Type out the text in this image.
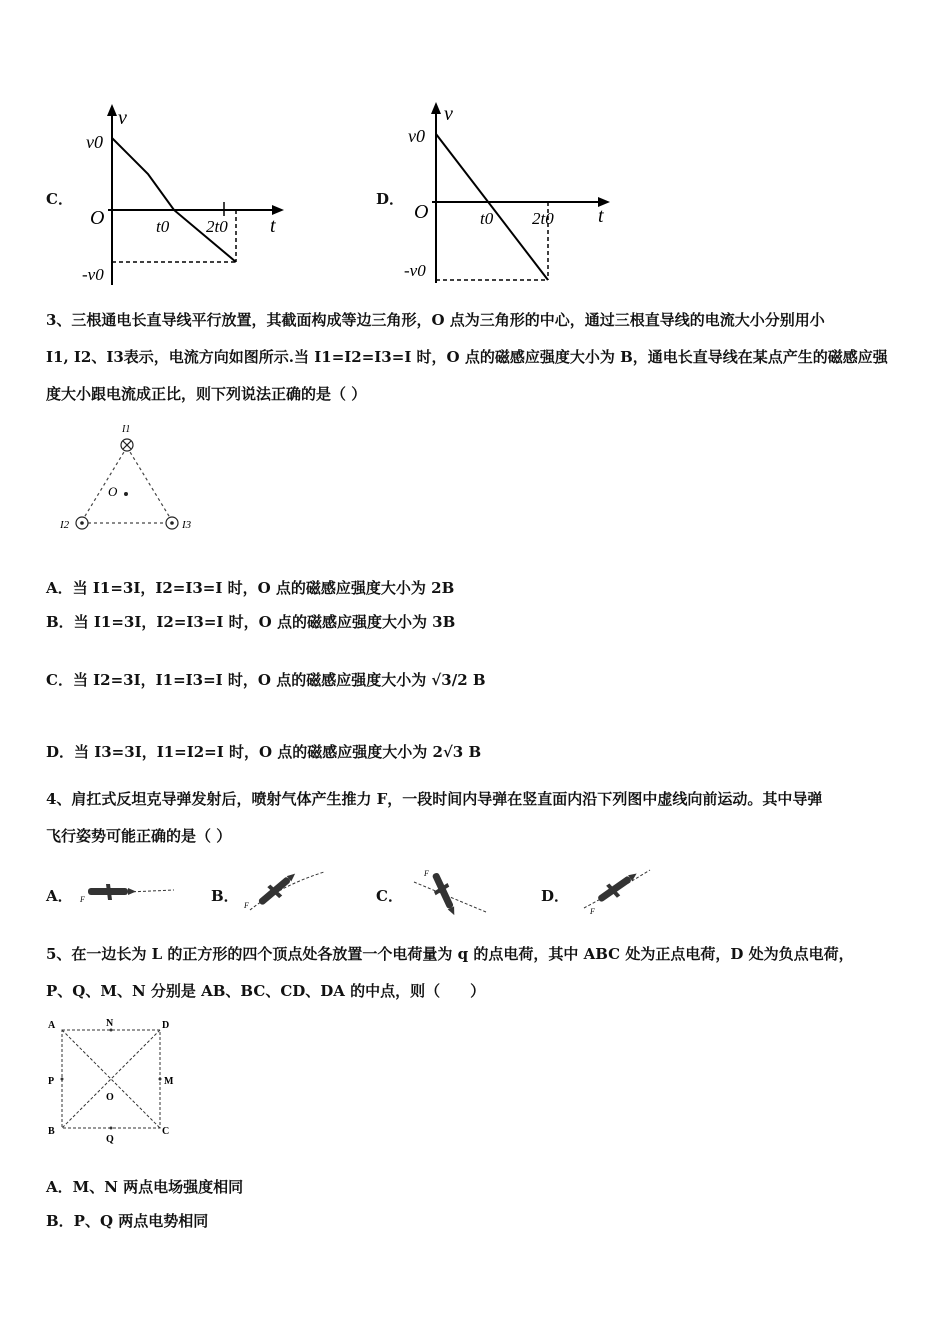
C．
v
v0
O	t0 2t0 t
-v0
D．
v
v0
O	t0 2t0 t
-v0
3、三根通电长直导线平行放置，其截面构成等边三角形，O 点为三角形的中心，通过三根直导线的电流大小分别用小
I1, I2、I3表示，电流方向如图所示.当 I1=I2=I3=I 时，O 点的磁感应强度大小为 B，通电长直导线在某点产生的磁感应强
度大小跟电流成正比，则下列说法正确的是（ ）
I1
O
I2	I3
A．当 I1=3I，I2=I3=I 时，O 点的磁感应强度大小为 2B
B．当 I1=3I，I2=I3=I 时，O 点的磁感应强度大小为 3B
C．当 I2=3I，I1=I3=I 时，O 点的磁感应强度大小为 √3/2 B
D．当 I3=3I，I1=I2=I 时，O 点的磁感应强度大小为 2√3 B
4、肩扛式反坦克导弹发射后，喷射气体产生推力 F，一段时间内导弹在竖直面内沿下列图中虚线向前运动。其中导弹
飞行姿势可能正确的是（ ）
A． F	B．
F
C．
F
D．
F
5、在一边长为 L 的正方形的四个顶点处各放置一个电荷量为 q 的点电荷，其中 ABC 处为正点电荷，D 处为负点电荷，
P、Q、M、N 分别是 AB、BC、CD、DA 的中点，则（　　）
A	N	D
P
O
M
B
Q
C
A．M、N 两点电场强度相同
B．P、Q 两点电势相同
